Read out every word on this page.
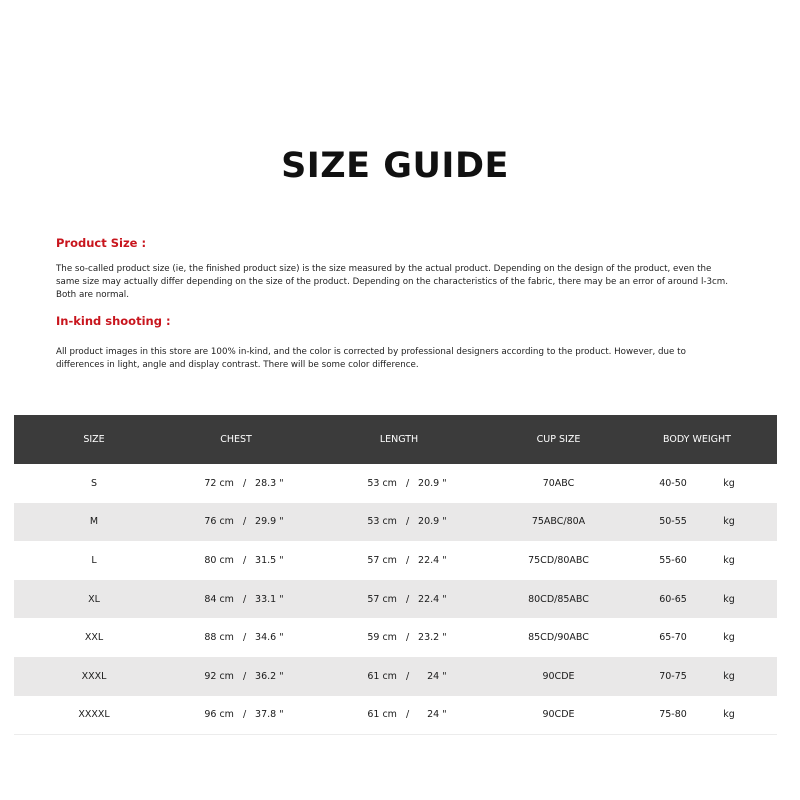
SIZE GUIDE

Product Size :

The so-called product size (ie, the finished product size) is the size measured by the actual product. Depending on the design of the product, even the same size may actually differ depending on the size of the product. Depending on the characteristics of the fabric, there may be an error of around l-3cm. Both are normal.

In-kind shooting :

All product images in this store are 100% in-kind, and the color is corrected by professional designers according to the product. However, due to differences in light, angle and display contrast. There will be some color difference.

SIZE	CHEST	LENGTH	CUP SIZE	BODY WEIGHT
S	72 cm / 28.3 "	53 cm / 20.9 "	70ABC	40-50 kg
M	76 cm / 29.9 "	53 cm / 20.9 "	75ABC/80A	50-55 kg
L	80 cm / 31.5 "	57 cm / 22.4 "	75CD/80ABC	55-60 kg
XL	84 cm / 33.1 "	57 cm / 22.4 "	80CD/85ABC	60-65 kg
XXL	88 cm / 34.6 "	59 cm / 23.2 "	85CD/90ABC	65-70 kg
XXXL	92 cm / 36.2 "	61 cm / 24 "	90CDE	70-75 kg
XXXXL	96 cm / 37.8 "	61 cm / 24 "	90CDE	75-80 kg
